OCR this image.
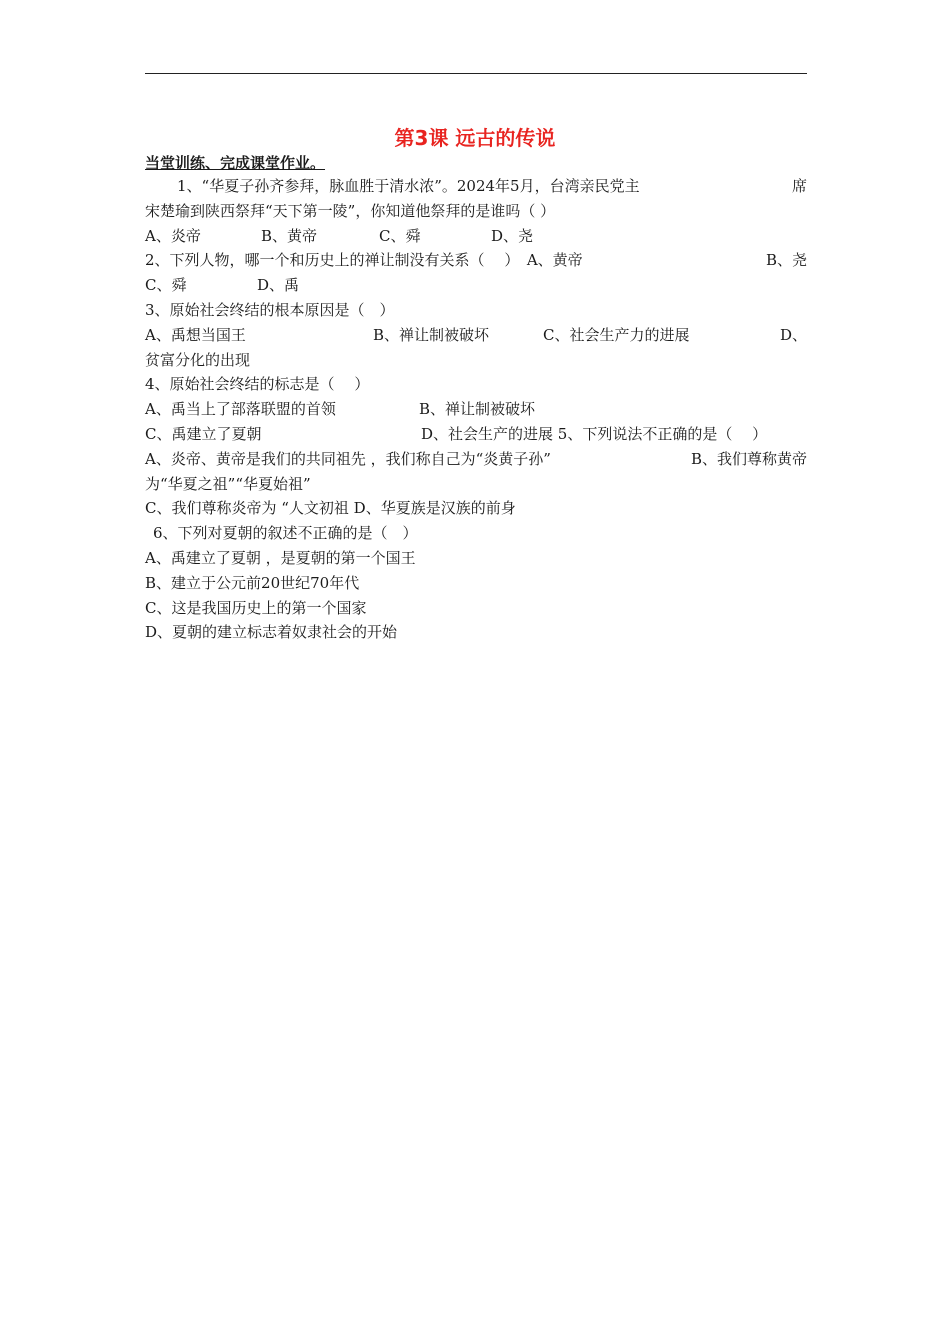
第3课 远古的传说
当堂训练、完成课堂作业。
1、“华夏子孙齐参拜，脉血胜于清水浓”。2024年5月，台湾亲民党主	席
宋楚瑜到陕西祭拜“天下第一陵”，你知道他祭拜的是谁吗（ ）
A、炎帝	B、黄帝	C、舜	D、尧
2、下列人物，哪一个和历史上的禅让制没有关系（　 ）　A、黄帝	B、尧
C、舜	D、禹
3、原始社会终结的根本原因是（　）
A、禹想当国王	B、禅让制被破坏	C、社会生产力的进展	D、
贫富分化的出现
4、原始社会终结的标志是（　 ）
A、禹当上了部落联盟的首领	B、禅让制被破坏
C、禹建立了夏朝	D、社会生产的进展 5、下列说法不正确的是（　 ）
A、炎帝、黄帝是我们的共同祖先 ，我们称自己为“炎黄子孙”	B、我们尊称黄帝
为“华夏之祖”“华夏始祖”
C、我们尊称炎帝为 “人文初祖 D、华夏族是汉族的前身
6、下列对夏朝的叙述不正确的是（　）
A、禹建立了夏朝 ，是夏朝的第一个国王
B、建立于公元前20世纪70年代
C、这是我国历史上的第一个国家
D、夏朝的建立标志着奴隶社会的开始
